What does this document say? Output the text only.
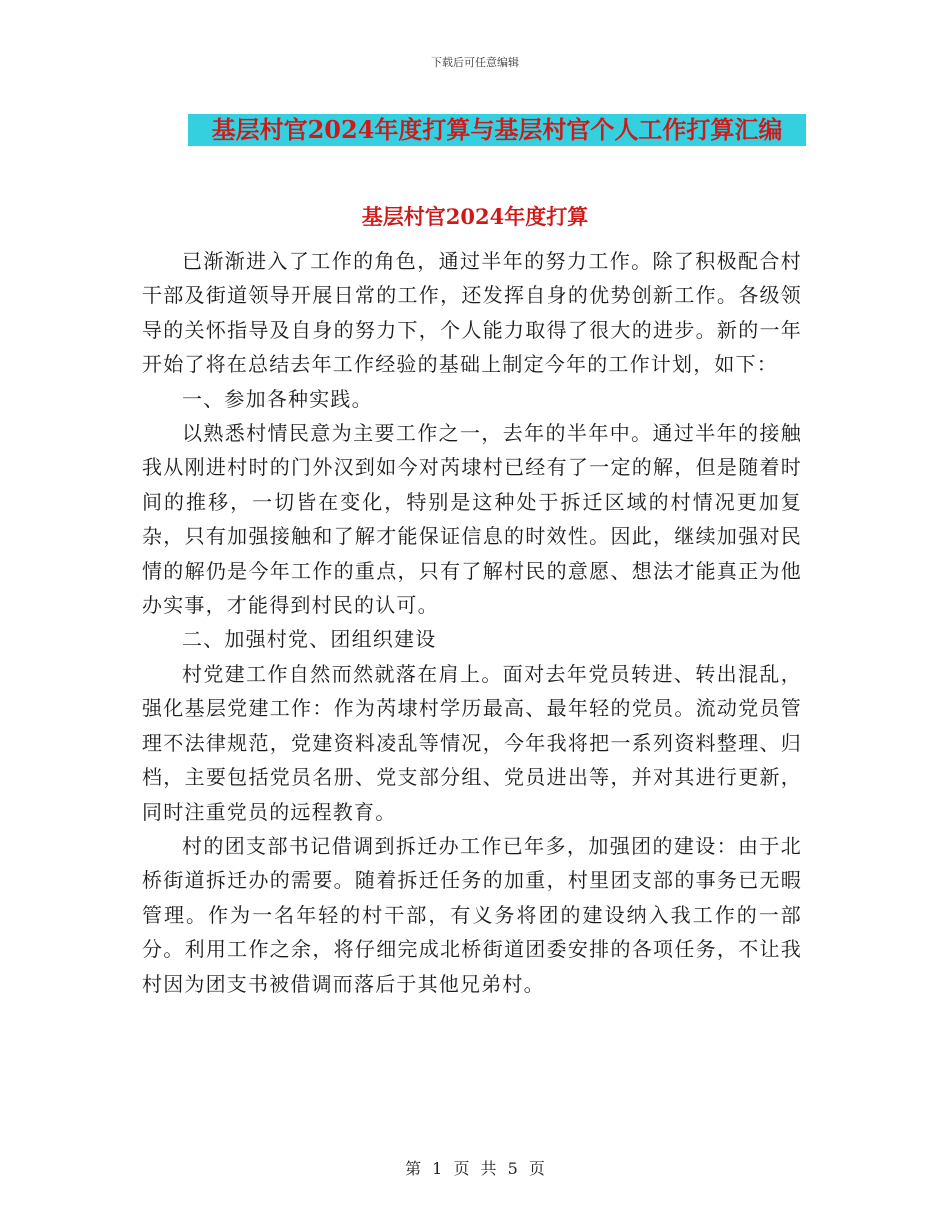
下载后可任意编辑
基层村官2024年度打算与基层村官个人工作打算汇编
基层村官2024年度打算

已渐渐进入了工作的角色，通过半年的努力工作。除了积极配合村干部及街道领导开展日常的工作，还发挥自身的优势创新工作。各级领导的关怀指导及自身的努力下，个人能力取得了很大的进步。新的一年开始了将在总结去年工作经验的基础上制定今年的工作计划，如下：

一、参加各种实践。

以熟悉村情民意为主要工作之一，去年的半年中。通过半年的接触我从刚进村时的门外汉到如今对芮埭村已经有了一定的解，但是随着时间的推移，一切皆在变化，特别是这种处于拆迁区域的村情况更加复杂，只有加强接触和了解才能保证信息的时效性。因此，继续加强对民情的解仍是今年工作的重点，只有了解村民的意愿、想法才能真正为他办实事，才能得到村民的认可。

二、加强村党、团组织建设

村党建工作自然而然就落在肩上。面对去年党员转进、转出混乱，强化基层党建工作：作为芮埭村学历最高、最年轻的党员。流动党员管理不法律规范，党建资料凌乱等情况，今年我将把一系列资料整理、归档，主要包括党员名册、党支部分组、党员进出等，并对其进行更新，同时注重党员的远程教育。

村的团支部书记借调到拆迁办工作已年多，加强团的建设：由于北桥街道拆迁办的需要。随着拆迁任务的加重，村里团支部的事务已无暇管理。作为一名年轻的村干部，有义务将团的建设纳入我工作的一部分。利用工作之余，将仔细完成北桥街道团委安排的各项任务，不让我村因为团支书被借调而落后于其他兄弟村。

第 1 页 共 5 页
